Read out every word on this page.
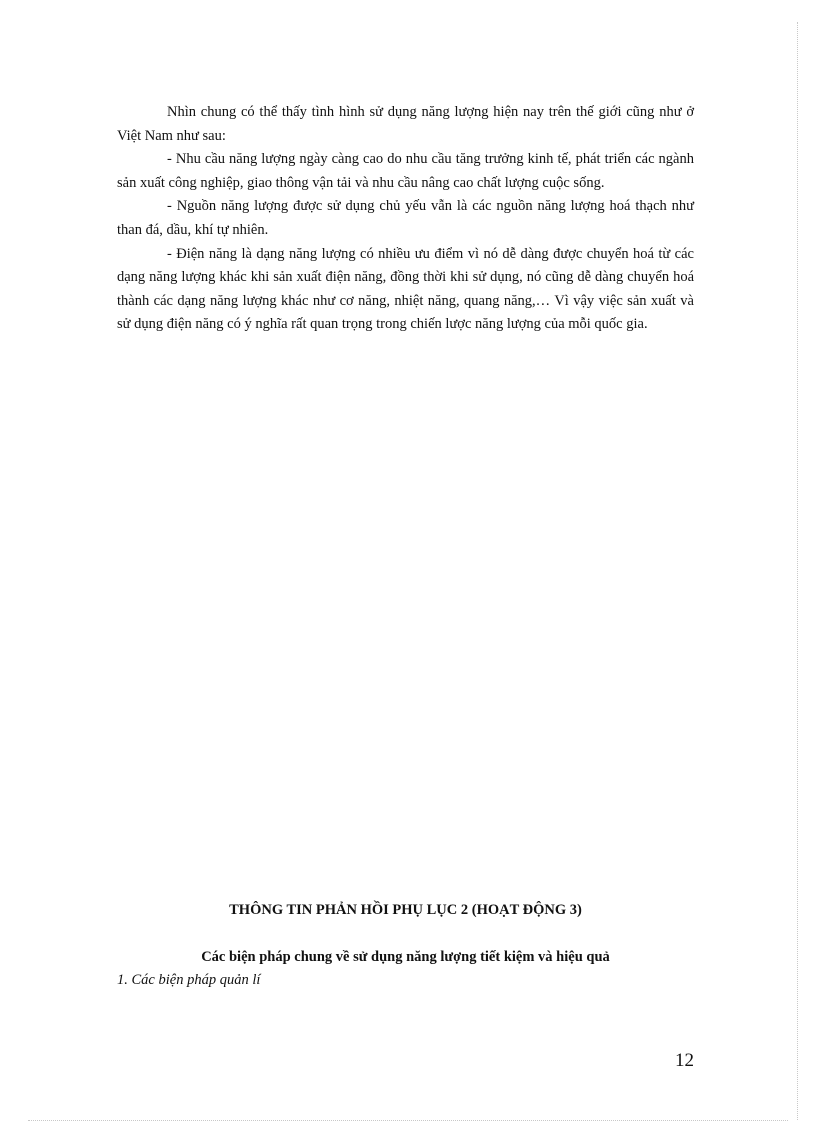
Nhìn chung có thể thấy tình hình sử dụng năng lượng hiện nay trên thế giới cũng như ở Việt Nam như sau:

- Nhu cầu năng lượng ngày càng cao do nhu cầu tăng trưởng kinh tế, phát triển các ngành sản xuất công nghiệp, giao thông vận tải và nhu cầu nâng cao chất lượng cuộc sống.

- Nguồn năng lượng được sử dụng chủ yếu vẫn là các nguồn năng lượng hoá thạch như than đá, dầu, khí tự nhiên.

- Điện năng là dạng năng lượng có nhiều ưu điểm vì nó dễ dàng được chuyển hoá từ các dạng năng lượng khác khi sản xuất điện năng, đồng thời khi sử dụng, nó cũng dễ dàng chuyển hoá thành các dạng năng lượng khác như cơ năng, nhiệt năng, quang năng,… Vì vậy việc sản xuất và sử dụng điện năng có ý nghĩa rất quan trọng trong chiến lược năng lượng của mỗi quốc gia.

THÔNG TIN PHẢN HỒI PHỤ LỤC 2 (HOẠT ĐỘNG 3)
Các biện pháp chung về sử dụng năng lượng tiết kiệm và hiệu quả
1. Các biện pháp quản lí
12
